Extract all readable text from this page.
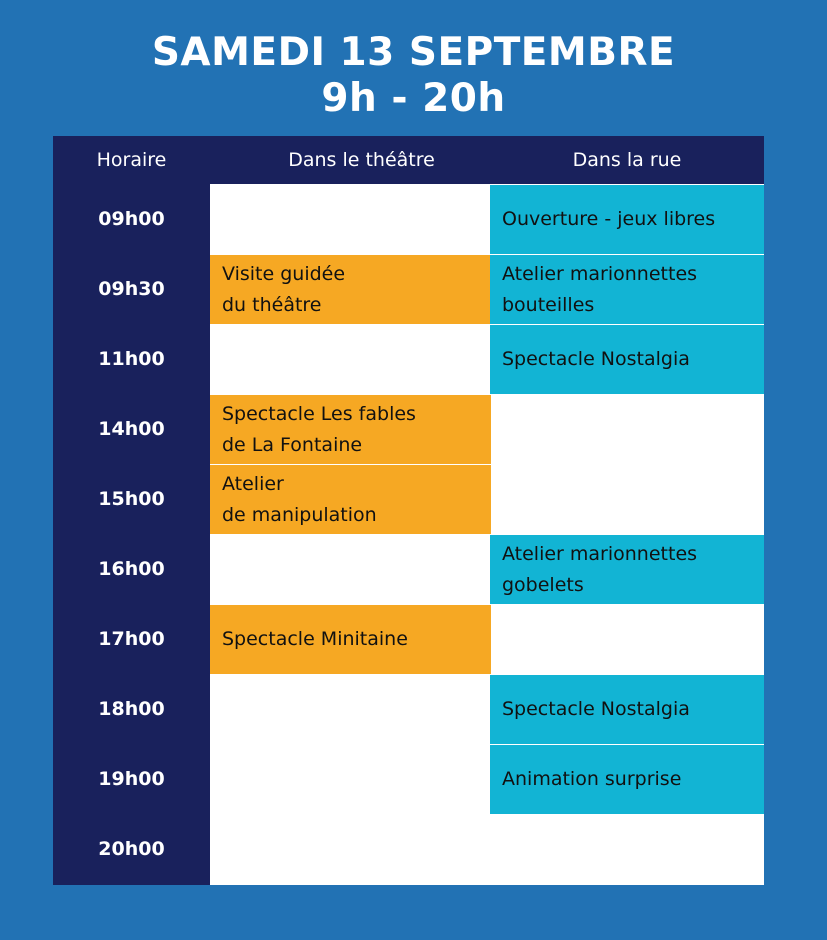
SAMEDI 13 SEPTEMBRE
9h - 20h
Horaire	Dans le théâtre	Dans la rue
09h00
09h30
11h00
14h00
15h00
16h00
17h00
18h00
19h00
20h00
Visite guidée
du théâtre
Spectacle Les fables
de La Fontaine
Atelier
de manipulation
Spectacle Minitaine
Ouverture - jeux libres
Atelier marionnettes
bouteilles
Spectacle Nostalgia
Atelier marionnettes
gobelets
Spectacle Nostalgia
Animation surprise
